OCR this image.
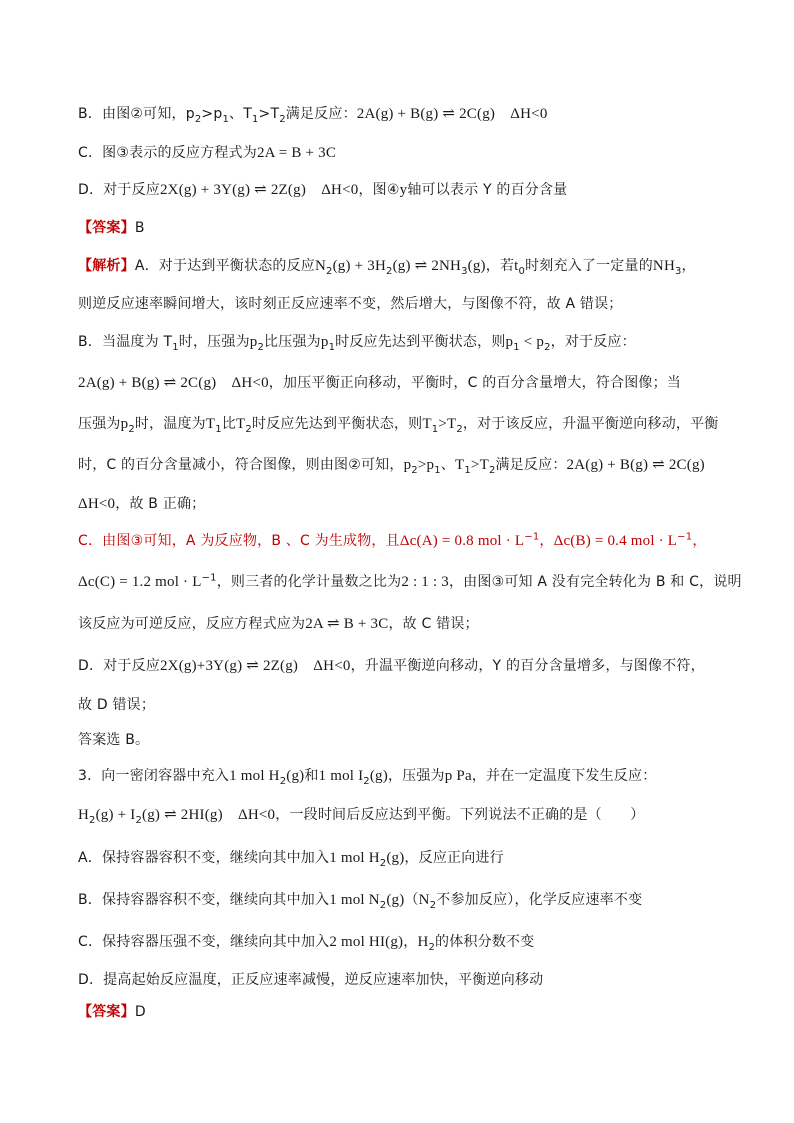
B．由图②可知，$p_2>p_1$、$T_1>T_2$满足反应：2A(g) + B(g) ⇌ 2C(g)　ΔH<0
C．图③表示的反应方程式为2A = B + 3C
D．对于反应2X(g) + 3Y(g) ⇌ 2Z(g)　ΔH<0，图④y轴可以表示 Y 的百分含量
【答案】B
【解析】A．对于达到平衡状态的反应$N_2(g) + 3H_2(g)$ ⇌ $2NH_3(g)$，若$t_0$时刻充入了一定量的$NH_3$，
则逆反应速率瞬间增大，该时刻正反应速率不变，然后增大，与图像不符，故 A 错误；
B．当温度为 $T_1$时，压强为$p_2$比压强为$p_1$时反应先达到平衡状态，则$p_1 < p_2$，对于反应：
2A(g) + B(g) ⇌ 2C(g)　ΔH<0，加压平衡正向移动，平衡时，C 的百分含量增大，符合图像；当
压强为$p_2$时，温度为$T_1$比$T_2$时反应先达到平衡状态，则$T_1>T_2$，对于该反应，升温平衡逆向移动，平衡
时，C 的百分含量减小，符合图像，则由图②可知，$p_2>p_1$、$T_1>T_2$满足反应：2A(g) + B(g) ⇌ 2C(g)
ΔH<0，故 B 正确；
C．由图③可知，A 为反应物，B 、C 为生成物，且Δc(A) = 0.8 mol · $L^{-1}$，Δc(B) = 0.4 mol · $L^{-1}$，
Δc(C) = 1.2 mol · $L^{-1}$，则三者的化学计量数之比为2 : 1 : 3，由图③可知 A 没有完全转化为 B 和 C，说明
该反应为可逆反应，反应方程式应为2A ⇌ B + 3C，故 C 错误；
D．对于反应2X(g)+3Y(g) ⇌ 2Z(g)　ΔH<0，升温平衡逆向移动，Y 的百分含量增多，与图像不符，
故 D 错误；
答案选 B。
3．向一密闭容器中充入1 mol $H_2(g)$和1 mol $I_2(g)$，压强为p Pa，并在一定温度下发生反应：
$H_2(g) + I_2(g)$ ⇌ 2HI(g)　ΔH<0，一段时间后反应达到平衡。下列说法不正确的是（　　）
A．保持容器容积不变，继续向其中加入1 mol $H_2(g)$，反应正向进行
B．保持容器容积不变，继续向其中加入1 mol $N_2(g)(N_2$不参加反应），化学反应速率不变
C．保持容器压强不变，继续向其中加入2 mol HI(g)，$H_2$的体积分数不变
D．提高起始反应温度，正反应速率减慢，逆反应速率加快，平衡逆向移动
【答案】D
